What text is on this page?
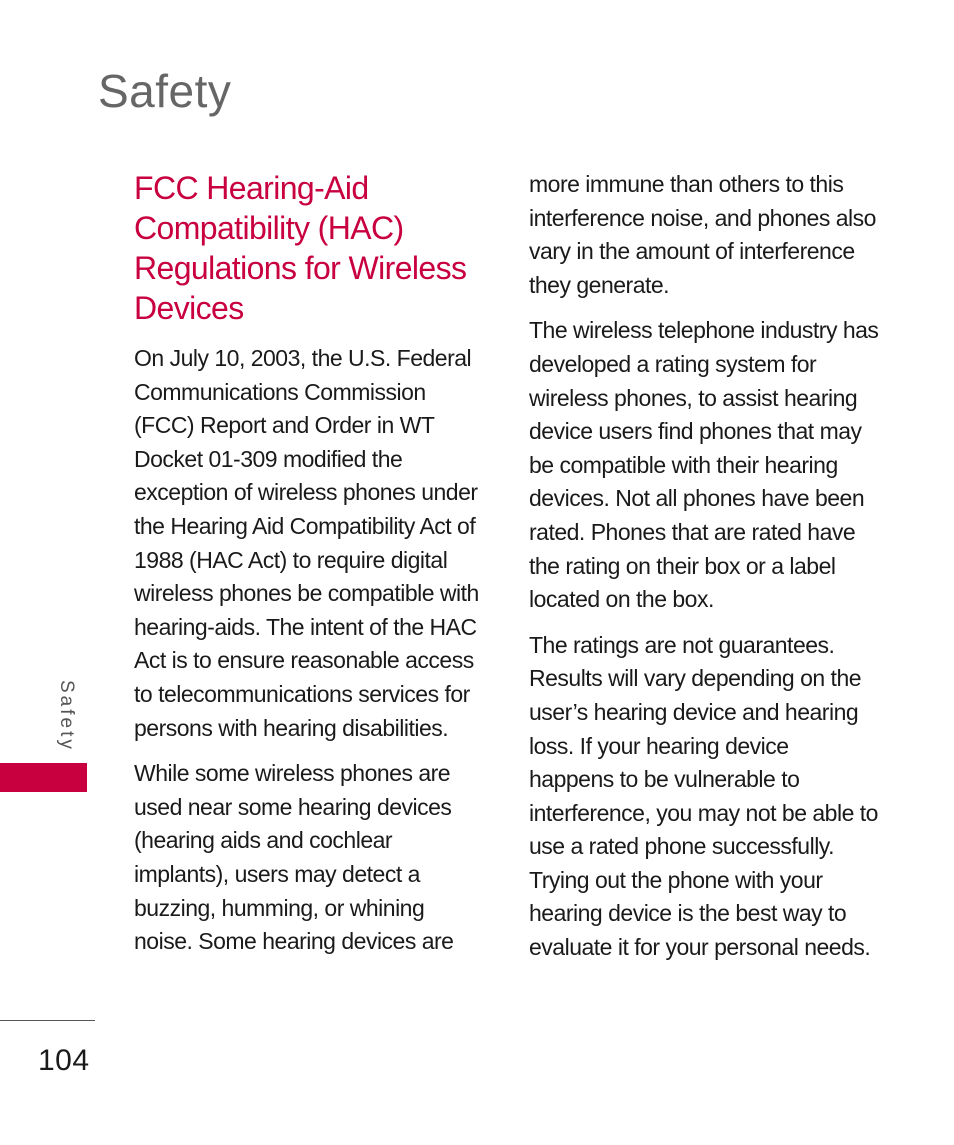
Safety
FCC Hearing-Aid Compatibility (HAC) Regulations for Wireless Devices

On July 10, 2003, the U.S. Federal Communications Commission (FCC) Report and Order in WT Docket 01-309 modified the exception of wireless phones under the Hearing Aid Compatibility Act of 1988 (HAC Act) to require digital wireless phones be compatible with hearing-aids. The intent of the HAC Act is to ensure reasonable access to telecommunications services for persons with hearing disabilities.

While some wireless phones are used near some hearing devices (hearing aids and cochlear implants), users may detect a buzzing, humming, or whining noise. Some hearing devices are

more immune than others to this interference noise, and phones also vary in the amount of interference they generate.

The wireless telephone industry has developed a rating system for wireless phones, to assist hearing device users find phones that may be compatible with their hearing devices. Not all phones have been rated. Phones that are rated have the rating on their box or a label located on the box.

The ratings are not guarantees. Results will vary depending on the user’s hearing device and hearing loss. If your hearing device happens to be vulnerable to interference, you may not be able to use a rated phone successfully. Trying out the phone with your hearing device is the best way to evaluate it for your personal needs.

Safety
104
